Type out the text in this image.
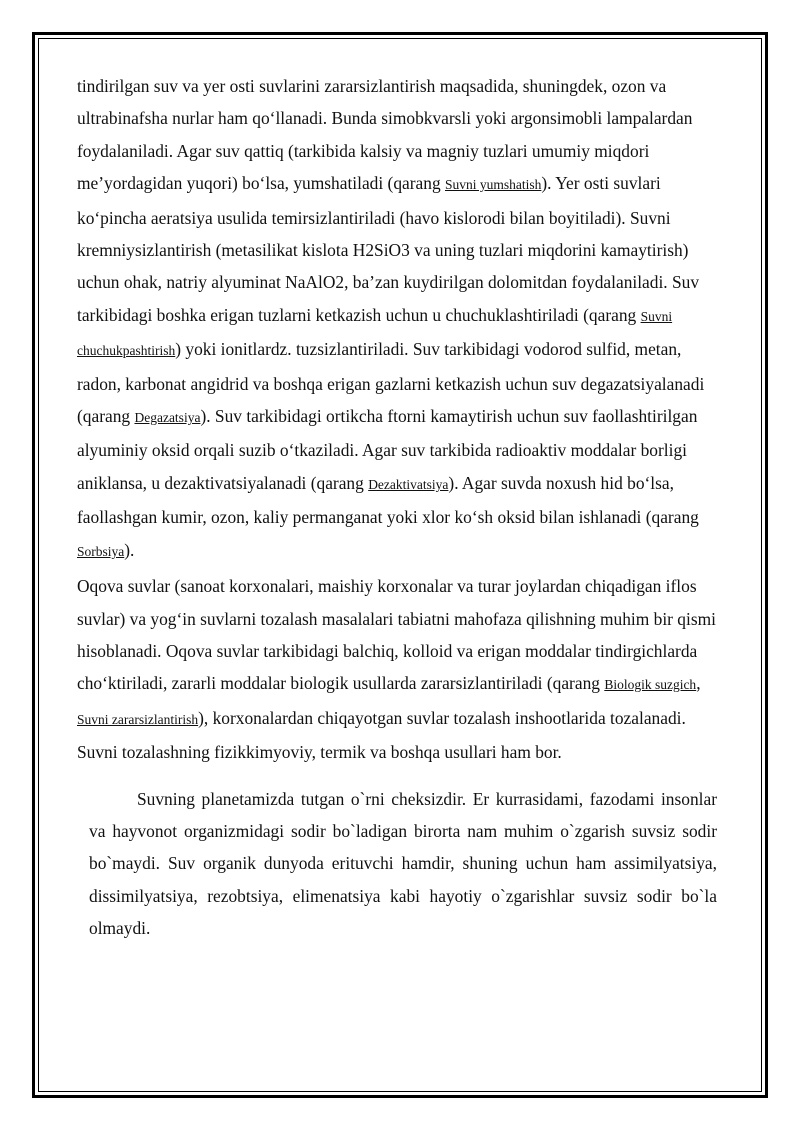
tindirilgan suv va yer osti suvlarini zararsizlantirish maqsadida, shuningdek, ozon va ultrabinafsha nurlar ham qo‘llanadi. Bunda simobkvarsli yoki argonsimobli lampalardan foydalaniladi. Agar suv qattiq (tarkibida kalsiy va magniy tuzlari umumiy miqdori me’yordagidan yuqori) bo‘lsa, yumshatiladi (qarang Suvni yumshatish). Yer osti suvlari ko‘pincha aeratsiya usulida temirsizlantiriladi (havo kislorodi bilan boyitiladi). Suvni kremniysizlantirish (metasilikat kislota H2SiO3 va uning tuzlari miqdorini kamaytirish) uchun ohak, natriy alyuminat NaAlO2, ba’zan kuydirilgan dolomitdan foydalaniladi. Suv tarkibidagi boshka erigan tuzlarni ketkazish uchun u chuchuklashtiriladi (qarang Suvni chuchukpashtirish) yoki ionitlardz. tuzsizlantiriladi. Suv tarkibidagi vodorod sulfid, metan, radon, karbonat angidrid va boshqa erigan gazlarni ketkazish uchun suv degazatsiyalanadi (qarang Degazatsiya). Suv tarkibidagi ortikcha ftorni kamaytirish uchun suv faollashtirilgan alyuminiy oksid orqali suzib o‘tkaziladi. Agar suv tarkibida radioaktiv moddalar borligi aniklansa, u dezaktivatsiyalanadi (qarang Dezaktivatsiya). Agar suvda noxush hid bo‘lsa, faollashgan kumir, ozon, kaliy permanganat yoki xlor ko‘sh oksid bilan ishlanadi (qarang Sorbsiya).

Oqova suvlar (sanoat korxonalari, maishiy korxonalar va turar joylardan chiqadigan iflos suvlar) va yog‘in suvlarni tozalash masalalari tabiatni mahofaza qilishning muhim bir qismi hisoblanadi. Oqova suvlar tarkibidagi balchiq, kolloid va erigan moddalar tindirgichlarda cho‘ktiriladi, zararli moddalar biologik usullarda zararsizlantiriladi (qarang Biologik suzgich, Suvni zararsizlantirish), korxonalardan chiqayotgan suvlar tozalash inshootlarida tozalanadi. Suvni tozalashning fizikkimyoviy, termik va boshqa usullari ham bor.

Suvning planetamizda tutgan o`rni cheksizdir. Er kurrasidami, fazodami insonlar va hayvonot organizmidagi sodir bo`ladigan birorta nam muhim o`zgarish suvsiz sodir bo`maydi. Suv organik dunyoda erituvchi hamdir, shuning uchun ham assimilyatsiya, dissimilyatsiya, rezobtsiya, elimenatsiya kabi hayotiy o`zgarishlar suvsiz sodir bo`la olmaydi.
